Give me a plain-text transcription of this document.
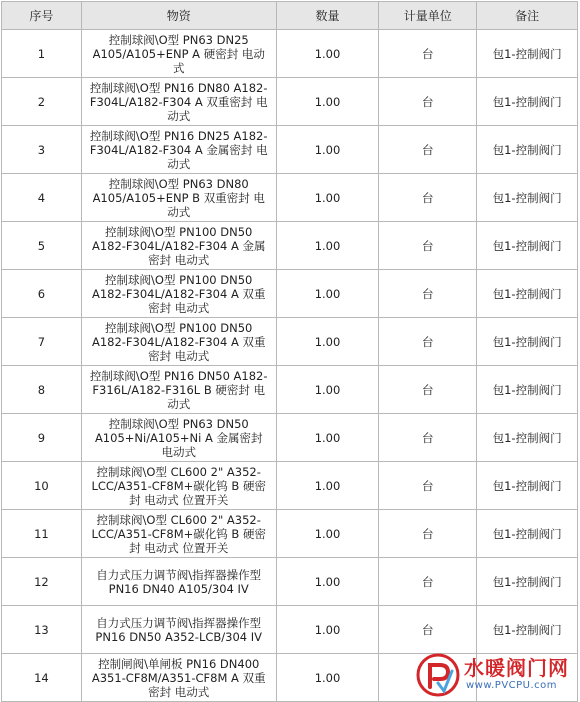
序号	物资	数量	计量单位	备注
1	控制球阀\O型 PN63 DN25 A105/A105+ENP A 硬密封 电动式	1.00	台	包1-控制阀门
2	控制球阀\O型 PN16 DN80 A182-F304L/A182-F304 A 双重密封 电动式	1.00	台	包1-控制阀门
3	控制球阀\O型 PN16 DN25 A182-F304L/A182-F304 A 金属密封 电动式	1.00	台	包1-控制阀门
4	控制球阀\O型 PN63 DN80 A105/A105+ENP B 双重密封 电动式	1.00	台	包1-控制阀门
5	控制球阀\O型 PN100 DN50 A182-F304L/A182-F304 A 金属密封 电动式	1.00	台	包1-控制阀门
6	控制球阀\O型 PN100 DN50 A182-F304L/A182-F304 A 双重密封 电动式	1.00	台	包1-控制阀门
7	控制球阀\O型 PN100 DN50 A182-F304L/A182-F304 A 双重密封 电动式	1.00	台	包1-控制阀门
8	控制球阀\O型 PN16 DN50 A182-F316L/A182-F316L B 硬密封 电动式	1.00	台	包1-控制阀门
9	控制球阀\O型 PN63 DN50 A105+Ni/A105+Ni A 金属密封 电动式	1.00	台	包1-控制阀门
10	控制球阀\O型 CL600 2" A352-LCC/A351-CF8M+碳化钨 B 硬密封 电动式 位置开关	1.00	台	包1-控制阀门
11	控制球阀\O型 CL600 2" A352-LCC/A351-CF8M+碳化钨 B 硬密封 电动式 位置开关	1.00	台	包1-控制阀门
12	自力式压力调节阀\指挥器操作型 PN16 DN40 A105/304 IV	1.00	台	包1-控制阀门
13	自力式压力调节阀\指挥器操作型 PN16 DN50 A352-LCB/304 IV	1.00	台	包1-控制阀门
14	控制闸阀\单闸板 PN16 DN400 A351-CF8M/A351-CF8M A 双重密封 电动式	1.00			水暖阀门网
www.PVCPU.com
